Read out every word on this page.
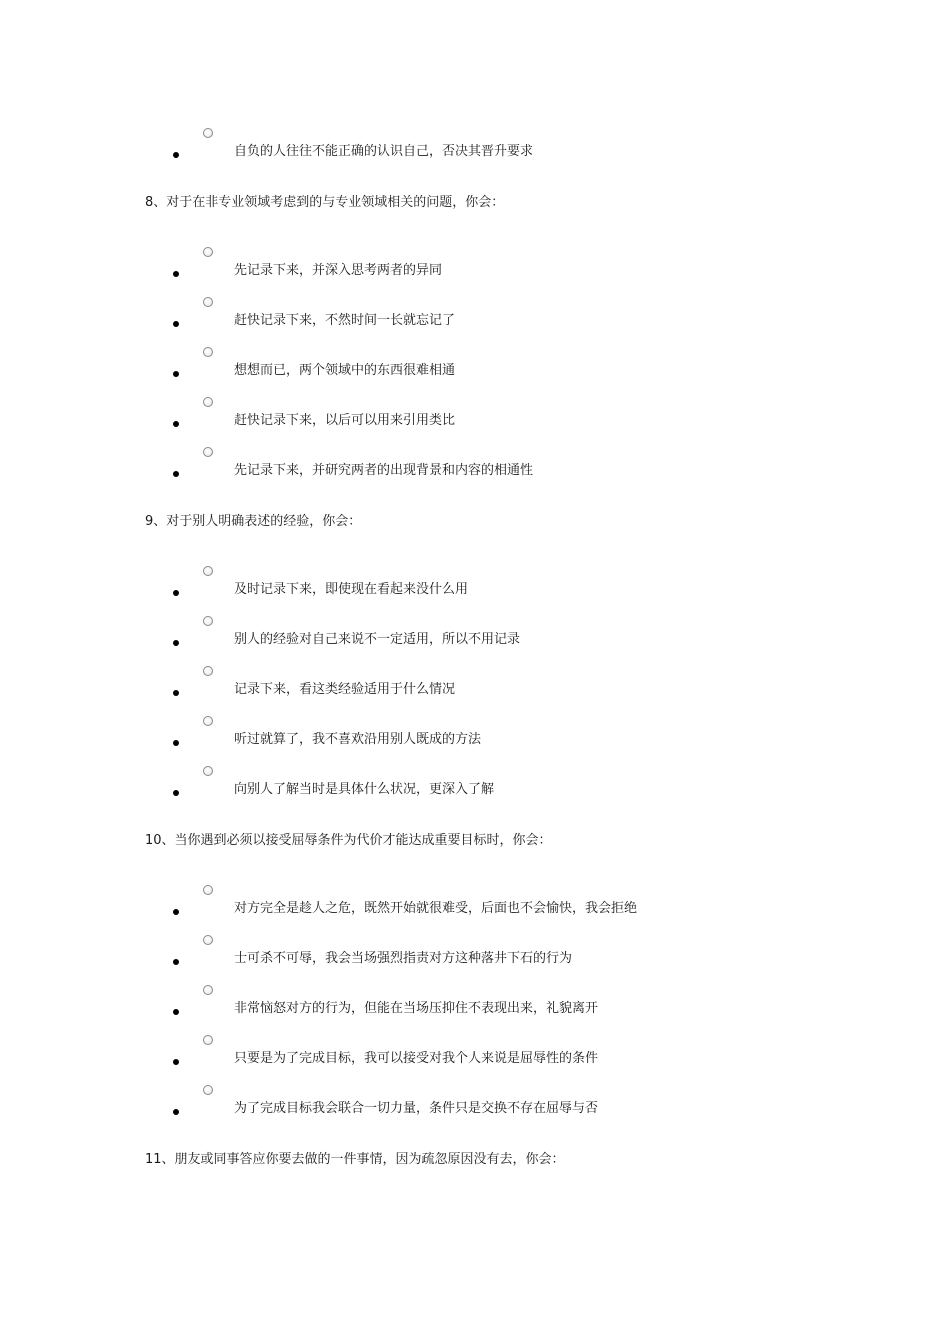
自负的人往往不能正确的认识自己，否决其晋升要求
8、对于在非专业领域考虑到的与专业领域相关的问题，你会：
先记录下来，并深入思考两者的异同
赶快记录下来，不然时间一长就忘记了
想想而已，两个领域中的东西很难相通
赶快记录下来，以后可以用来引用类比
先记录下来，并研究两者的出现背景和内容的相通性
9、对于别人明确表述的经验，你会：
及时记录下来，即使现在看起来没什么用
别人的经验对自己来说不一定适用，所以不用记录
记录下来，看这类经验适用于什么情况
听过就算了，我不喜欢沿用别人既成的方法
向别人了解当时是具体什么状况，更深入了解
10、当你遇到必须以接受屈辱条件为代价才能达成重要目标时，你会：
对方完全是趁人之危，既然开始就很难受，后面也不会愉快，我会拒绝
士可杀不可辱，我会当场强烈指责对方这种落井下石的行为
非常恼怒对方的行为，但能在当场压抑住不表现出来，礼貌离开
只要是为了完成目标，我可以接受对我个人来说是屈辱性的条件
为了完成目标我会联合一切力量，条件只是交换不存在屈辱与否
11、朋友或同事答应你要去做的一件事情，因为疏忽原因没有去，你会：
